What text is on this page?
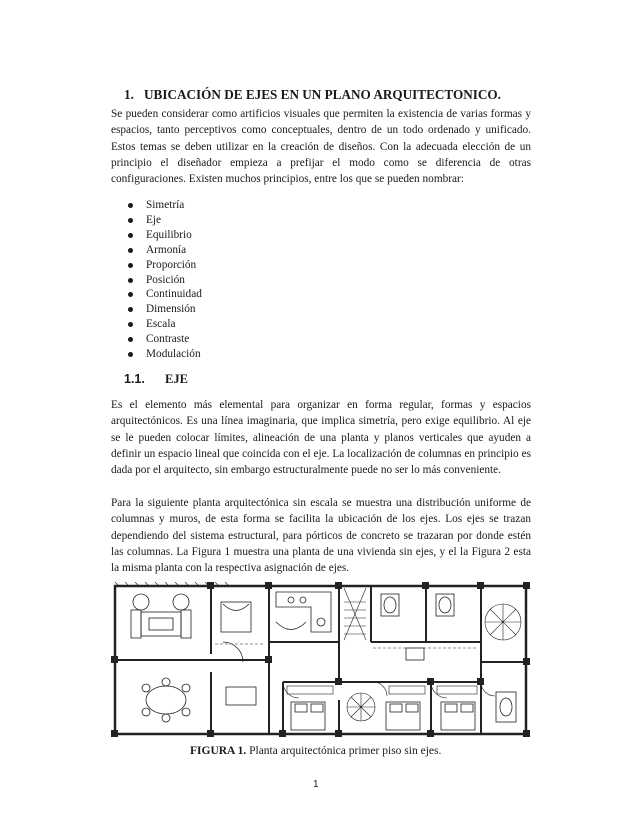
1. UBICACIÓN DE EJES EN UN PLANO ARQUITECTONICO.

Se pueden considerar como artificios visuales que permiten la existencia de varias formas y espacios, tanto perceptivos como conceptuales, dentro de un todo ordenado y unificado. Estos temas se deben utilizar en la creación de diseños. Con la adecuada elección de un principio el diseñador empieza a prefijar el modo como se diferencia de otras configuraciones. Existen muchos principios, entre los que se pueden nombrar:

Simetría
Eje
Equilibrio
Armonía
Proporción
Posición
Continuidad
Dimensión
Escala
Contraste
Modulación
1.1. EJE

Es el elemento más elemental para organizar en forma regular, formas y espacios arquitectónicos. Es una línea imaginaria, que implica simetría, pero exige equilibrio. Al eje se le pueden colocar límites, alineación de una planta y planos verticales que ayuden a definir un espacio lineal que coincida con el eje. La localización de columnas en principio es dada por el arquitecto, sin embargo estructuralmente puede no ser lo más conveniente.

Para la siguiente planta arquitectónica sin escala se muestra una distribución uniforme de columnas y muros, de esta forma se facilita la ubicación de los ejes. Los ejes se trazan dependiendo del sistema estructural, para pórticos de concreto se trazaran por donde estén las columnas. La Figura 1 muestra una planta de una vivienda sin ejes, y el la Figura 2 esta la misma planta con la respectiva asignación de ejes.

FIGURA 1. Planta arquitectónica primer piso sin ejes.
1
